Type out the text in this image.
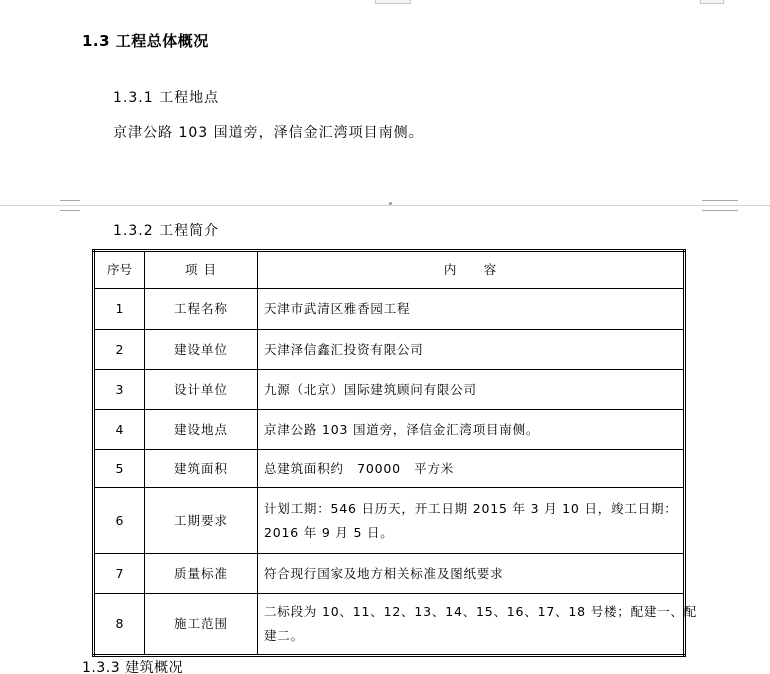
1.3 工程总体概况
1.3.1 工程地点
京津公路 103 国道旁，泽信金汇湾项目南侧。
1.3.2 工程简介
序号	项 目	内　　容
1	工程名称	天津市武清区雅香园工程
2	建设单位	天津泽信鑫汇投资有限公司
3	设计单位	九源（北京）国际建筑顾问有限公司
4	建设地点	京津公路 103 国道旁，泽信金汇湾项目南侧。
5	建筑面积	总建筑面积约　70000　平方米
6	工期要求	计划工期：546 日历天，开工日期 2015 年 3 月 10 日，竣工日期：
2016 年 9 月 5 日。

7	质量标准	符合现行国家及地方相关标准及图纸要求
8	施工范围	二标段为 10、11、12、13、14、15、16、17、18 号楼；配建一、配
建二。
1.3.3 建筑概况
